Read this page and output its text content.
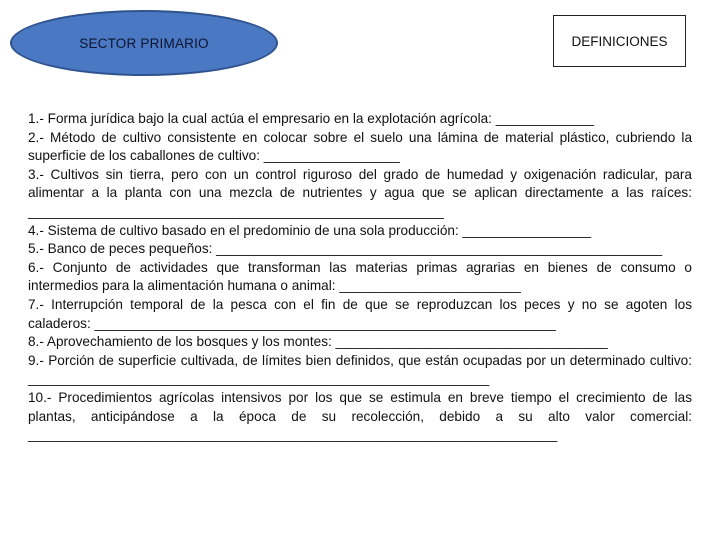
SECTOR PRIMARIO	DEFINICIONES
1.- Forma jurídica bajo la cual actúa el empresario en la explotación agrícola: _____________
2.- Método de cultivo consistente en colocar sobre el suelo una lámina de material plástico, cubriendo la superficie de los caballones de cultivo: __________________
3.- Cultivos sin tierra, pero con un control riguroso del grado de humedad y oxigenación radicular, para alimentar a la planta con una mezcla de nutrientes y agua que se aplican directamente a las raíces: _______________________________________________________
4.- Sistema de cultivo basado en el predominio de una sola producción: _________________
5.- Banco de peces pequeños: ___________________________________________________________
6.- Conjunto de actividades que transforman las materias primas agrarias en bienes de consumo o intermedios para la alimentación humana o animal: ________________________
7.- Interrupción temporal de la pesca con el fin de que se reproduzcan los peces y no se agoten los caladeros: _____________________________________________________________
8.- Aprovechamiento de los bosques y los montes: ____________________________________
9.- Porción de superficie cultivada, de límites bien definidos, que están ocupadas por un determinado cultivo: _____________________________________________________________
10.- Procedimientos agrícolas intensivos por los que se estimula en breve tiempo el crecimiento de las plantas, anticipándose a la época de su recolección, debido a su alto valor comercial: ______________________________________________________________________
